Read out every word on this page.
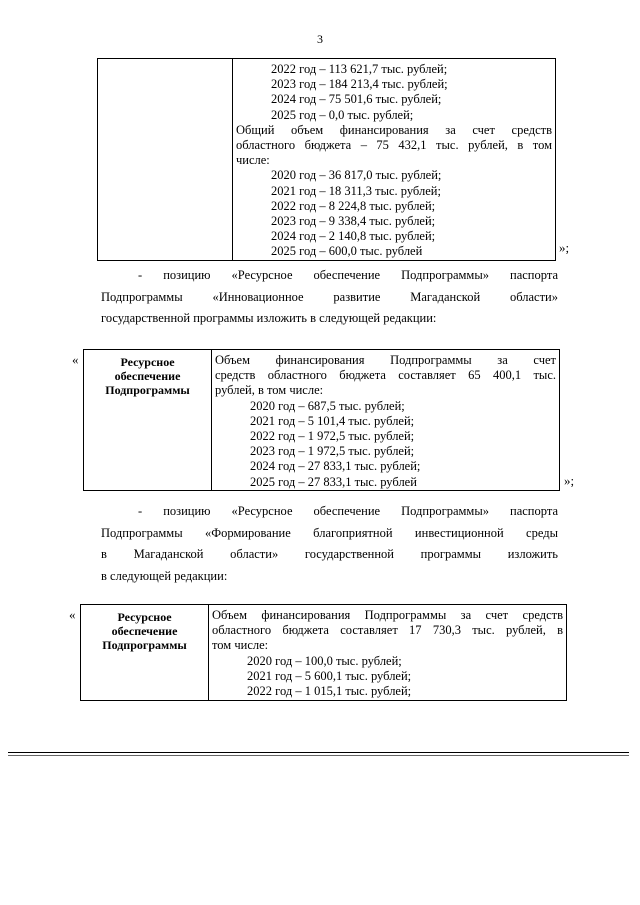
3

2022 год – 113 621,7 тыс. рублей;
2023 год – 184 213,4 тыс. рублей;
2024 год – 75 501,6 тыс. рублей;
2025 год – 0,0 тыс. рублей;
Общий объем финансирования за счет средств
областного бюджета – 75 432,1 тыс. рублей, в том
числе:
2020 год – 36 817,0 тыс. рублей;
2021 год – 18 311,3 тыс. рублей;
2022 год – 8 224,8 тыс. рублей;
2023 год – 9 338,4 тыс. рублей;
2024 год – 2 140,8 тыс. рублей;
2025 год – 600,0 тыс. рублей	»;
- позицию «Ресурсное обеспечение Подпрограммы» паспорта
Подпрограммы «Инновационное развитие Магаданской области»
государственной программы изложить в следующей редакции:
«	Ресурсное
обеспечение
Подпрограммы

Объем финансирования Подпрограммы за счет
средств областного бюджета составляет 65 400,1 тыс.
рублей, в том числе:
2020 год – 687,5 тыс. рублей;
2021 год – 5 101,4 тыс. рублей;
2022 год – 1 972,5 тыс. рублей;
2023 год – 1 972,5 тыс. рублей;
2024 год – 27 833,1 тыс. рублей;
2025 год – 27 833,1 тыс. рублей	»;
- позицию «Ресурсное обеспечение Подпрограммы» паспорта
Подпрограммы «Формирование благоприятной инвестиционной среды
в Магаданской области» государственной программы изложить
в следующей редакции:
«	Ресурсное
обеспечение
Подпрограммы

Объем финансирования Подпрограммы за счет средств
областного бюджета составляет 17 730,3 тыс. рублей, в
том числе:
2020 год – 100,0 тыс. рублей;
2021 год – 5 600,1 тыс. рублей;
2022 год – 1 015,1 тыс. рублей;
